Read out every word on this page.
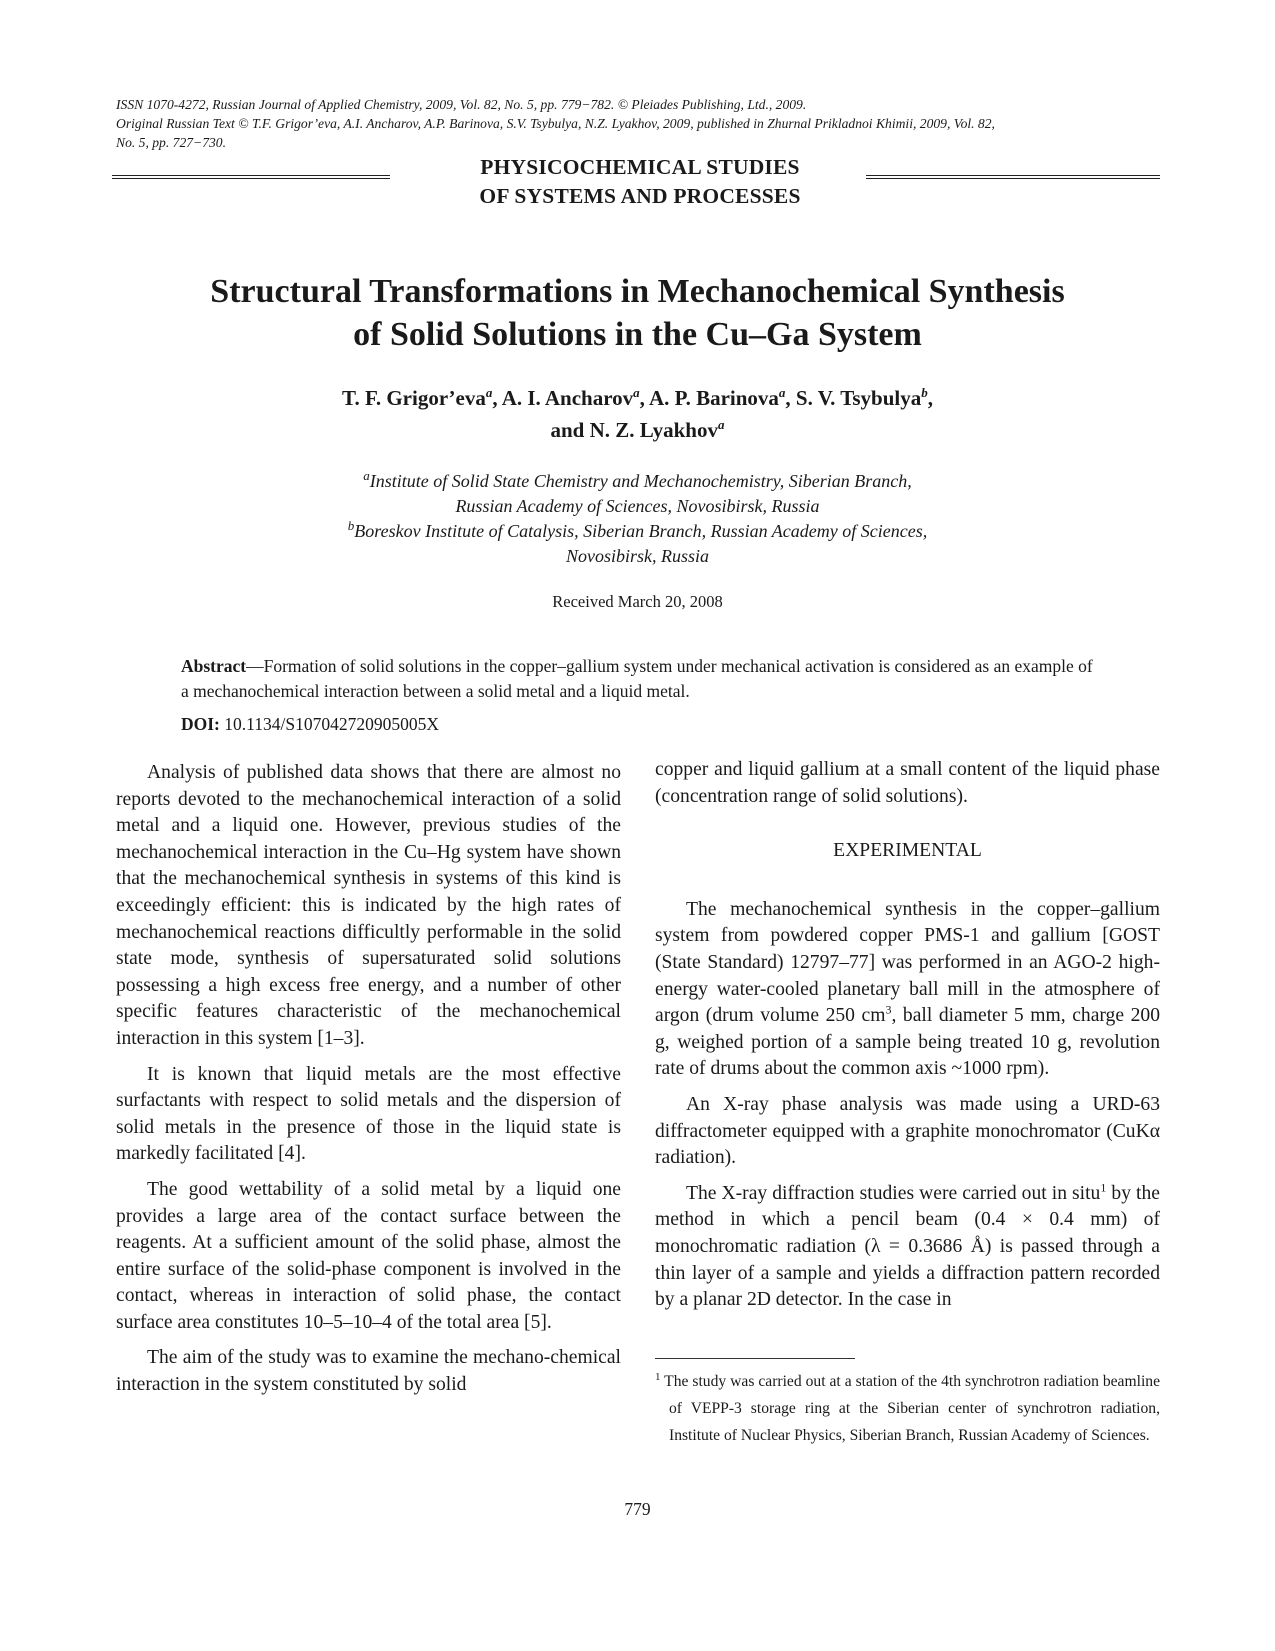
ISSN 1070-4272, Russian Journal of Applied Chemistry, 2009, Vol. 82, No. 5, pp. 779−782. © Pleiades Publishing, Ltd., 2009.
Original Russian Text © T.F. Grigor’eva, A.I. Ancharov, A.P. Barinova, S.V. Tsybulya, N.Z. Lyakhov, 2009, published in Zhurnal Prikladnoi Khimii, 2009, Vol. 82,
No. 5, pp. 727−730.
PHYSICOCHEMICAL STUDIES
OF SYSTEMS AND PROCESSES
Structural Transformations in Mechanochemical Synthesis
of Solid Solutions in the Cu–Ga System
T. F. Grigor’eva$^a$, A. I. Ancharov$^a$, A. P. Barinova$^a$, S. V. Tsybulya$^b$,
and N. Z. Lyakhov$^a$
$^a$Institute of Solid State Chemistry and Mechanochemistry, Siberian Branch,
Russian Academy of Sciences, Novosibirsk, Russia
$^b$Boreskov Institute of Catalysis, Siberian Branch, Russian Academy of Sciences,
Novosibirsk, Russia
Received March 20, 2008
Abstract—Formation of solid solutions in the copper–gallium system under mechanical activation is considered as an example of a mechanochemical interaction between a solid metal and a liquid metal.
DOI: 10.1134/S107042720905005X

Analysis of published data shows that there are almost no reports devoted to the mechanochemical interaction of a solid metal and a liquid one. However, previous studies of the mechanochemical interaction in the Cu–Hg system have shown that the mechanochemical synthesis in systems of this kind is exceedingly efficient: this is indicated by the high rates of mechanochemical reactions difficultly performable in the solid state mode, synthesis of supersaturated solid solutions possessing a high excess free energy, and a number of other specific features characteristic of the mechanochemical interaction in this system [1–3].

It is known that liquid metals are the most effective surfactants with respect to solid metals and the dispersion of solid metals in the presence of those in the liquid state is markedly facilitated [4].

The good wettability of a solid metal by a liquid one provides a large area of the contact surface between the reagents. At a sufficient amount of the solid phase, almost the entire surface of the solid-phase component is involved in the contact, whereas in interaction of solid phase, the contact surface area constitutes 10–5–10–4 of the total area [5].

The aim of the study was to examine the mechano-chemical interaction in the system constituted by solid

copper and liquid gallium at a small content of the liquid phase (concentration range of solid solutions).

EXPERIMENTAL

The mechanochemical synthesis in the copper–gallium system from powdered copper PMS-1 and gallium [GOST (State Standard) 12797–77] was performed in an AGO-2 high-energy water-cooled planetary ball mill in the atmosphere of argon (drum volume 250 $cm^3$, ball diameter 5 mm, charge 200 g, weighed portion of a sample being treated 10 g, revolution rate of drums about the common axis ~1000 rpm).

An X-ray phase analysis was made using a URD-63 diffractometer equipped with a graphite monochromator (CuKα radiation).

The X-ray diffraction studies were carried out in situ$^1$ by the method in which a pencil beam (0.4 × 0.4 mm) of monochromatic radiation (λ = 0.3686 Å) is passed through a thin layer of a sample and yields a diffraction pattern recorded by a planar 2D detector. In the case in

$^1$ The study was carried out at a station of the 4th synchrotron radiation beamline of VEPP-3 storage ring at the Siberian center of synchrotron radiation, Institute of Nuclear Physics, Siberian Branch, Russian Academy of Sciences.
779
